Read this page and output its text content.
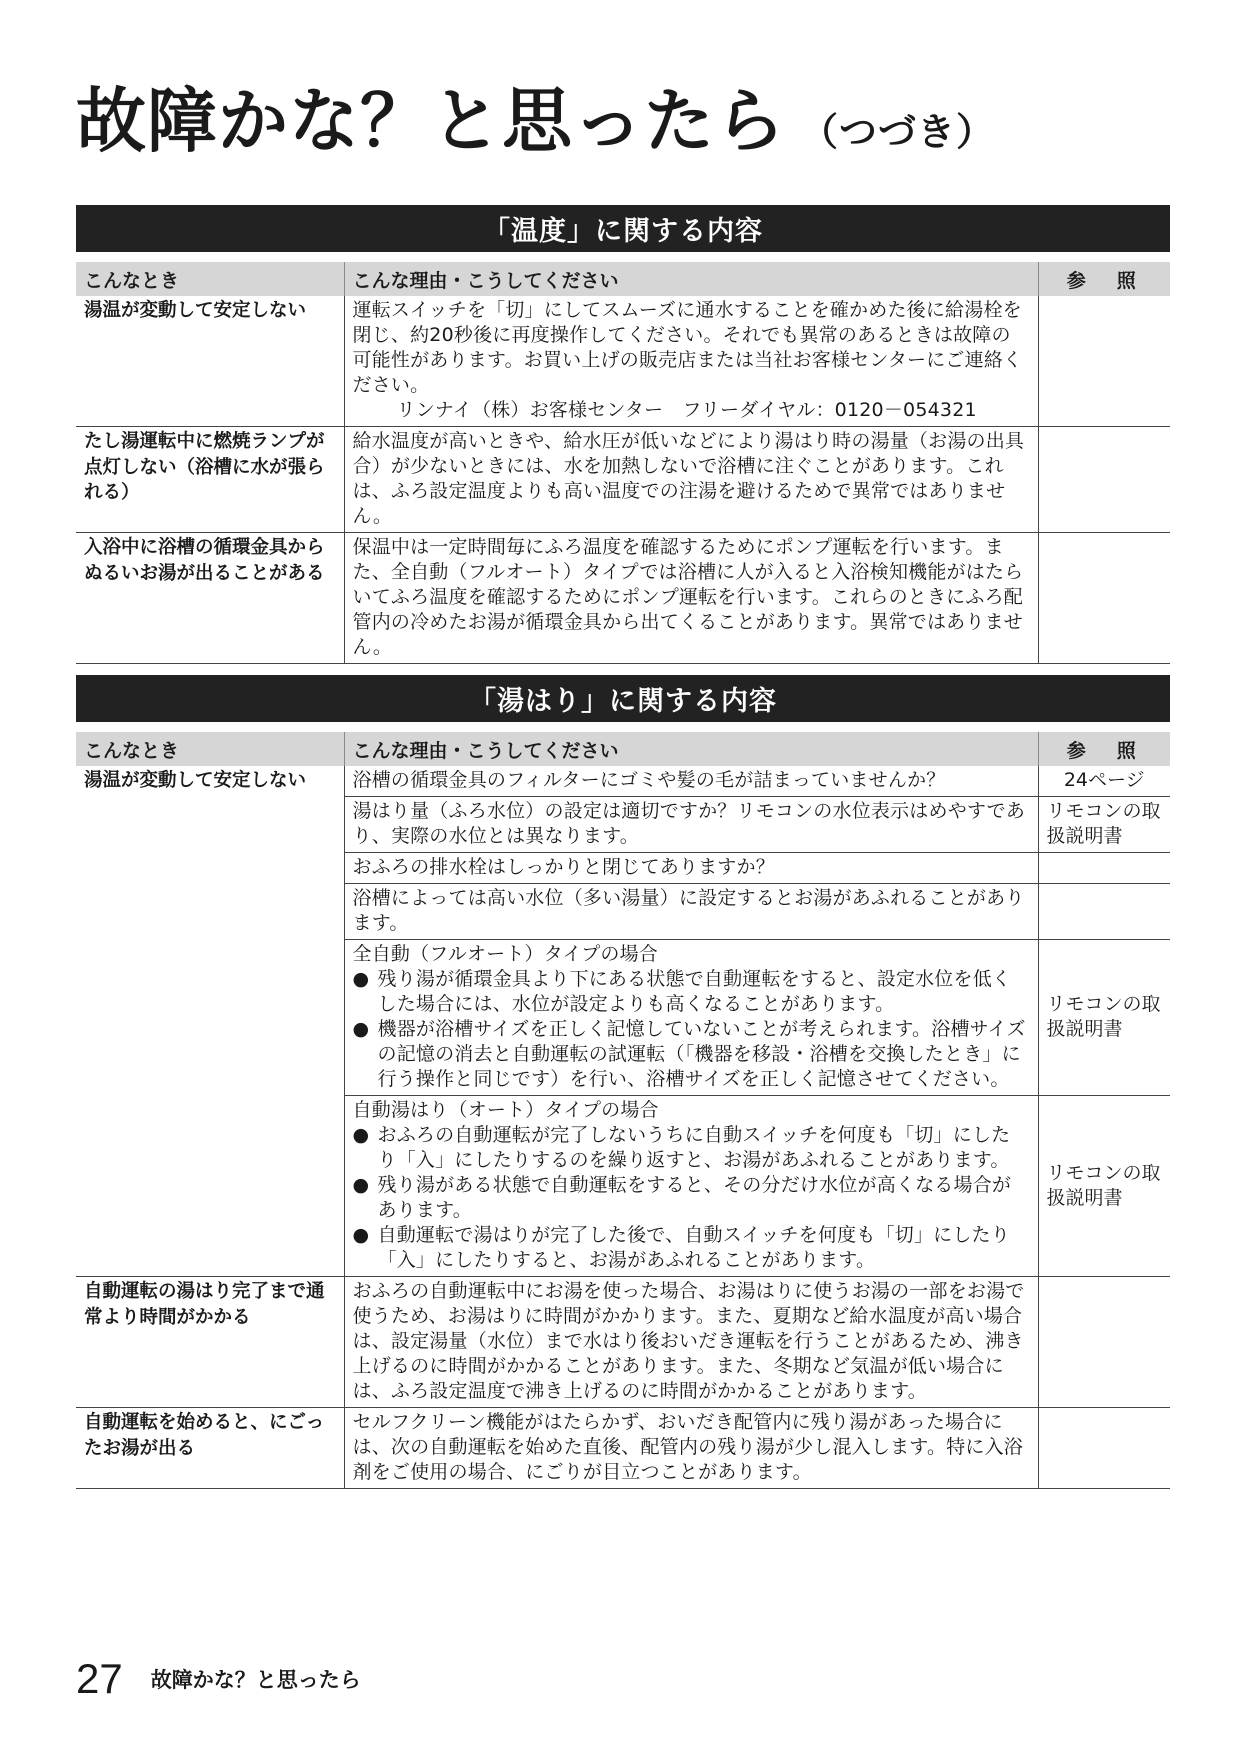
故障かな？と思ったら （つづき）
「温度」に関する内容
こんなとき	こんな理由・こうしてください	参　照
湯温が変動して安定しない	運転スイッチを「切」にしてスムーズに通水することを確かめた後に給湯栓を閉じ、約20秒後に再度操作してください。それでも異常のあるときは故障の可能性があります。お買い上げの販売店または当社お客様センターにご連絡ください。
リンナイ（株）お客様センター　フリーダイヤル：0120－054321	

たし湯運転中に燃焼ランプが点灯しない（浴槽に水が張られる）	給水温度が高いときや、給水圧が低いなどにより湯はり時の湯量（お湯の出具合）が少ないときには、水を加熱しないで浴槽に注ぐことがあります。これは、ふろ設定温度よりも高い温度での注湯を避けるためで異常ではありません。	
入浴中に浴槽の循環金具からぬるいお湯が出ることがある	保温中は一定時間毎にふろ温度を確認するためにポンプ運転を行います。また、全自動（フルオート）タイプでは浴槽に人が入ると入浴検知機能がはたらいてふろ温度を確認するためにポンプ運転を行います。これらのときにふろ配管内の冷めたお湯が循環金具から出てくることがあります。異常ではありません。	
「湯はり」に関する内容
こんなとき	こんな理由・こうしてください	参　照
湯温が変動して安定しない	浴槽の循環金具のフィルターにゴミや髪の毛が詰まっていませんか？	24ページ
	湯はり量（ふろ水位）の設定は適切ですか？リモコンの水位表示はめやすであり、実際の水位とは異なります。	リモコンの取扱説明書
	おふろの排水栓はしっかりと閉じてありますか？	
	浴槽によっては高い水位（多い湯量）に設定するとお湯があふれることがあります。	

	全自動（フルオート）タイプの場合
● 残り湯が循環金具より下にある状態で自動運転をすると、設定水位を低くした場合には、水位が設定よりも高くなることがあります。
● 機器が浴槽サイズを正しく記憶していないことが考えられます。浴槽サイズの記憶の消去と自動運転の試運転（「機器を移設・浴槽を交換したとき」に行う操作と同じです）を行い、浴槽サイズを正しく記憶させてください。	リモコンの取扱説明書

	自動湯はり（オート）タイプの場合
● おふろの自動運転が完了しないうちに自動スイッチを何度も「切」にしたり「入」にしたりするのを繰り返すと、お湯があふれることがあります。
● 残り湯がある状態で自動運転をすると、その分だけ水位が高くなる場合があります。
● 自動運転で湯はりが完了した後で、自動スイッチを何度も「切」にしたり「入」にしたりすると、お湯があふれることがあります。	リモコンの取扱説明書
自動運転の湯はり完了まで通常より時間がかかる	おふろの自動運転中にお湯を使った場合、お湯はりに使うお湯の一部をお湯で使うため、お湯はりに時間がかかります。また、夏期など給水温度が高い場合は、設定湯量（水位）まで水はり後おいだき運転を行うことがあるため、沸き上げるのに時間がかかることがあります。また、冬期など気温が低い場合には、ふろ設定温度で沸き上げるのに時間がかかることがあります。	
自動運転を始めると、にごったお湯が出る	セルフクリーン機能がはたらかず、おいだき配管内に残り湯があった場合には、次の自動運転を始めた直後、配管内の残り湯が少し混入します。特に入浴剤をご使用の場合、にごりが目立つことがあります。	
27 故障かな？と思ったら
